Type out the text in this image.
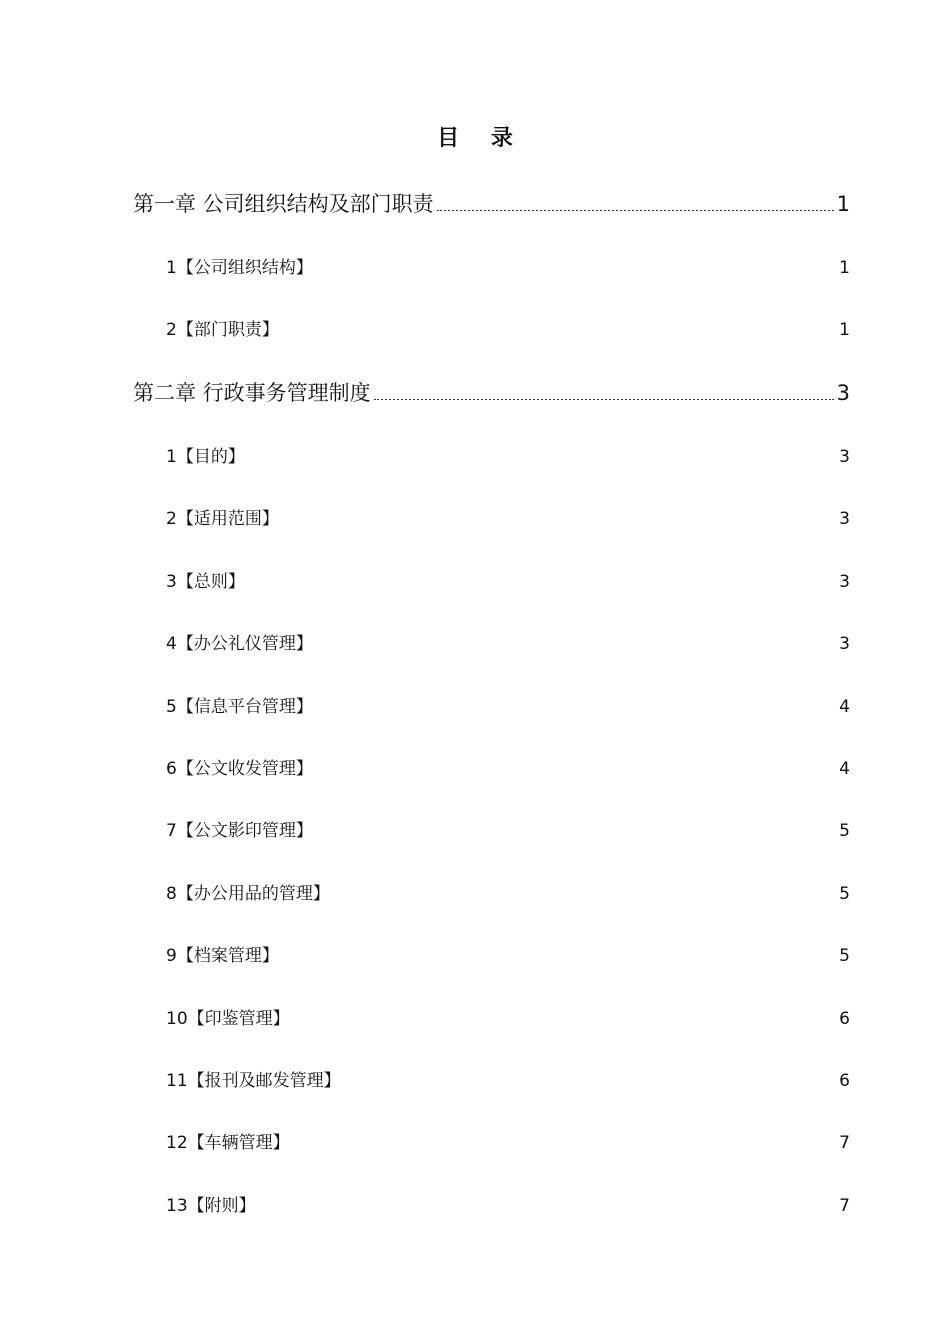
目 录
第一章 公司组织结构及部门职责	1
1【公司组织结构】	1
2【部门职责】	1
第二章 行政事务管理制度	3
1【目的】	3
2【适用范围】	3
3【总则】	3
4【办公礼仪管理】	3
5【信息平台管理】	4
6【公文收发管理】	4
7【公文影印管理】	5
8【办公用品的管理】	5
9【档案管理】	5
10【印鉴管理】	6
11【报刊及邮发管理】	6
12【车辆管理】	7
13【附则】	7
